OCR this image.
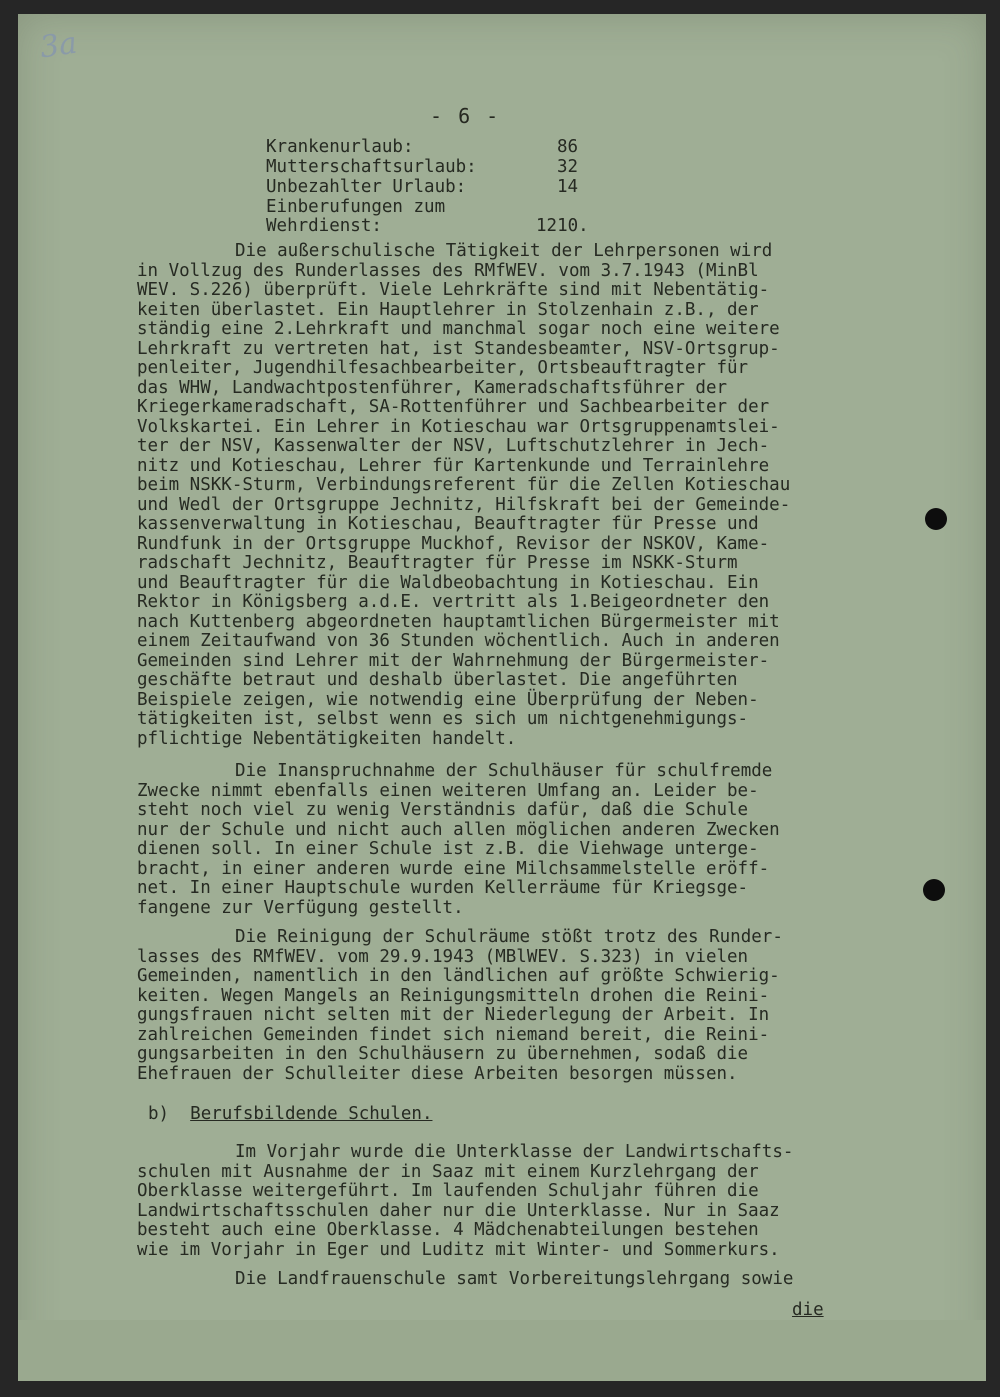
3a
- 6 -
Krankenurlaub:	86
Mutterschaftsurlaub:	32
Unbezahlter Urlaub:	14
Einberufungen zum
Wehrdienst:	1210.
Die außerschulische Tätigkeit der Lehrpersonen wird
in Vollzug des Runderlasses des RMfWEV. vom 3.7.1943 (MinBl
WEV. S.226) überprüft. Viele Lehrkräfte sind mit Nebentätig-
keiten überlastet. Ein Hauptlehrer in Stolzenhain z.B., der
ständig eine 2.Lehrkraft und manchmal sogar noch eine weitere
Lehrkraft zu vertreten hat, ist Standesbeamter, NSV-Ortsgrup-
penleiter, Jugendhilfesachbearbeiter, Ortsbeauftragter für
das WHW, Landwachtpostenführer, Kameradschaftsführer der
Kriegerkameradschaft, SA-Rottenführer und Sachbearbeiter der
Volkskartei. Ein Lehrer in Kotieschau war Ortsgruppenamtslei-
ter der NSV, Kassenwalter der NSV, Luftschutzlehrer in Jech-
nitz und Kotieschau, Lehrer für Kartenkunde und Terrainlehre
beim NSKK-Sturm, Verbindungsreferent für die Zellen Kotieschau
und Wedl der Ortsgruppe Jechnitz, Hilfskraft bei der Gemeinde-
kassenverwaltung in Kotieschau, Beauftragter für Presse und
Rundfunk in der Ortsgruppe Muckhof, Revisor der NSKOV, Kame-
radschaft Jechnitz, Beauftragter für Presse im NSKK-Sturm
und Beauftragter für die Waldbeobachtung in Kotieschau. Ein
Rektor in Königsberg a.d.E. vertritt als 1.Beigeordneter den
nach Kuttenberg abgeordneten hauptamtlichen Bürgermeister mit
einem Zeitaufwand von 36 Stunden wöchentlich. Auch in anderen
Gemeinden sind Lehrer mit der Wahrnehmung der Bürgermeister-
geschäfte betraut und deshalb überlastet. Die angeführten
Beispiele zeigen, wie notwendig eine Überprüfung der Neben-
tätigkeiten ist, selbst wenn es sich um nichtgenehmigungs-
pflichtige Nebentätigkeiten handelt.
Die Inanspruchnahme der Schulhäuser für schulfremde
Zwecke nimmt ebenfalls einen weiteren Umfang an. Leider be-
steht noch viel zu wenig Verständnis dafür, daß die Schule
nur der Schule und nicht auch allen möglichen anderen Zwecken
dienen soll. In einer Schule ist z.B. die Viehwage unterge-
bracht, in einer anderen wurde eine Milchsammelstelle eröff-
net. In einer Hauptschule wurden Kellerräume für Kriegsge-
fangene zur Verfügung gestellt.
Die Reinigung der Schulräume stößt trotz des Runder-
lasses des RMfWEV. vom 29.9.1943 (MBlWEV. S.323) in vielen
Gemeinden, namentlich in den ländlichen auf größte Schwierig-
keiten. Wegen Mangels an Reinigungsmitteln drohen die Reini-
gungsfrauen nicht selten mit der Niederlegung der Arbeit. In
zahlreichen Gemeinden findet sich niemand bereit, die Reini-
gungsarbeiten in den Schulhäusern zu übernehmen, sodaß die
Ehefrauen der Schulleiter diese Arbeiten besorgen müssen.
b) Berufsbildende Schulen.
Im Vorjahr wurde die Unterklasse der Landwirtschafts-
schulen mit Ausnahme der in Saaz mit einem Kurzlehrgang der
Oberklasse weitergeführt. Im laufenden Schuljahr führen die
Landwirtschaftsschulen daher nur die Unterklasse. Nur in Saaz
besteht auch eine Oberklasse. 4 Mädchenabteilungen bestehen
wie im Vorjahr in Eger und Luditz mit Winter- und Sommerkurs.
Die Landfrauenschule samt Vorbereitungslehrgang sowie
die
